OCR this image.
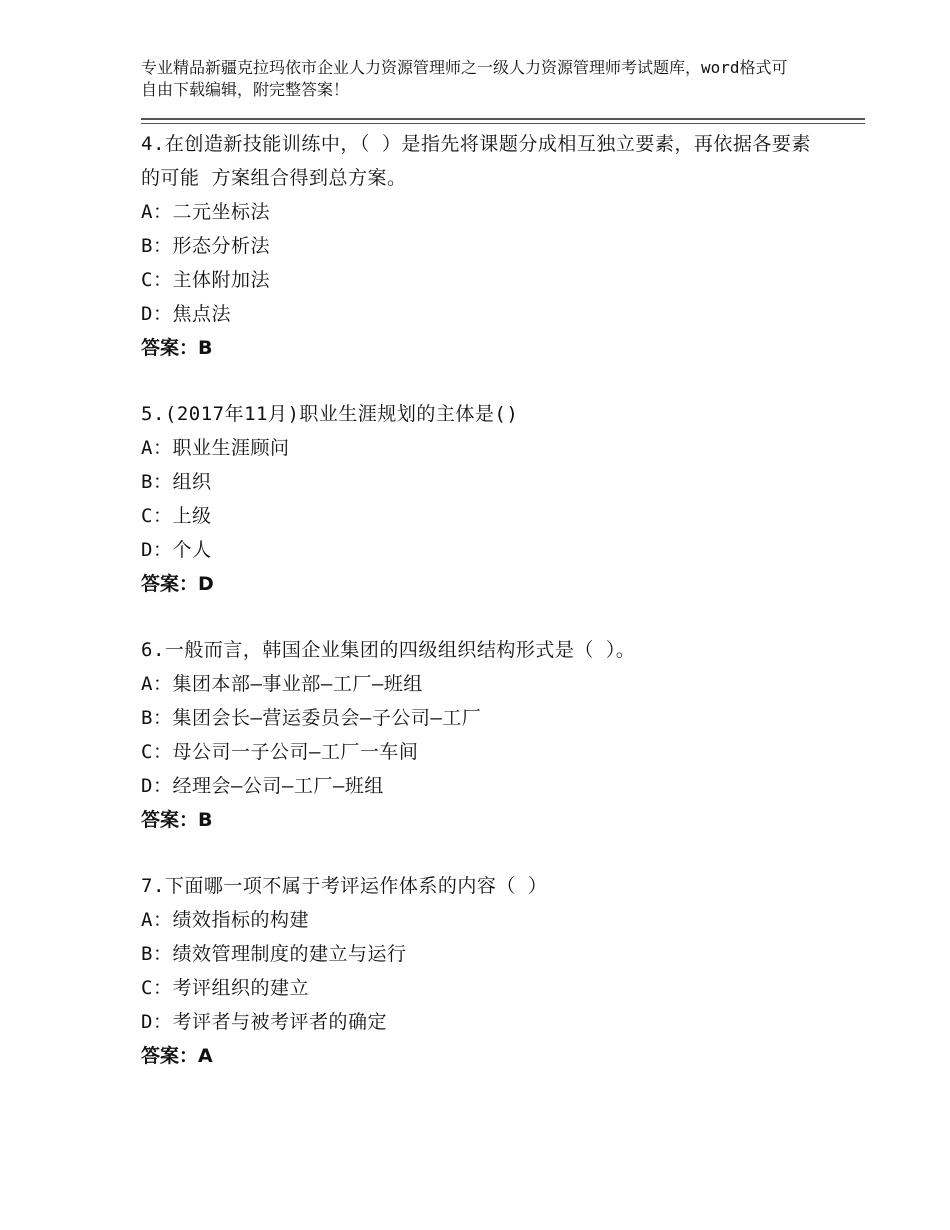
专业精品新疆克拉玛依市企业人力资源管理师之一级人力资源管理师考试题库，word格式可自由下载编辑，附完整答案！
4.在创造新技能训练中，（ ）是指先将课题分成相互独立要素，再依据各要素的可能 方案组合得到总方案。
A：二元坐标法
B：形态分析法
C：主体附加法
D：焦点法
答案：B
5.(2017年11月)职业生涯规划的主体是()
A：职业生涯顾问
B：组织
C：上级
D：个人
答案：D
6.一般而言，韩国企业集团的四级组织结构形式是（ ）。
A：集团本部—事业部—工厂—班组
B：集团会长—营运委员会—子公司—工厂
C：母公司一子公司—工厂一车间
D：经理会—公司—工厂—班组
答案：B
7.下面哪一项不属于考评运作体系的内容（ ）
A：绩效指标的构建
B：绩效管理制度的建立与运行
C：考评组织的建立
D：考评者与被考评者的确定
答案：A
